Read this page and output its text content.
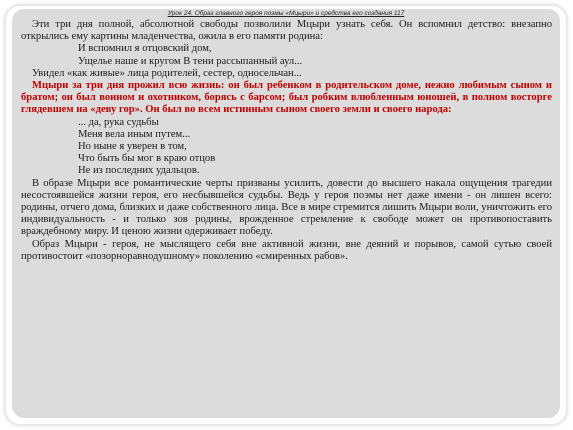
Урок 24. Образ главного героя поэмы «Мцыри» и средства его создания 117

Эти три дня полной, абсолютной свободы позволили Мцыри узнать себя. Он вспомнил детство: внезапно открылись ему картины младенчества, ожила в его памяти родина:

И вспомнил я отцовский дом,

Ущелье наше и кругом В тени рассыпанный аул...

Увидел «как живые» лица родителей, сестер, односельчан...

Мцыри за три дня прожил всю жизнь: он был ребенком в родительском доме, нежно любимым сыном и братом; он был воином и охотником, борясь с барсом; был робким влюбленным юношей, в полном восторге глядевшем на «деву гор». Он был во всем истинным сыном своего земли и своего народа:

... да, рука судьбы

Меня вела иным путем...

Но ныне я уверен в том,

Что быть бы мог в краю отцов

Не из последних удальцов.

В образе Мцыри все романтические черты призваны усилить, довести до высшего накала ощущения трагедии несостоявшейся жизни героя, его несбывшейся судьбы. Ведь у героя поэмы нет даже имени - он лишен всего: родины, отчего дома, близких и даже собственного лица. Все в мире стремится лишить Мцыри воли, уничтожить его индивидуальность - и только зов родины, врожденное стремление к свободе может он противопоставить враждебному миру. И ценою жизни одерживает победу.

Образ Мцыри - героя, не мыслящего себя вне активной жизни, вне деяний и порывов, самой сутью своей противостоит «позорноравнодушному» поколению «смиренных рабов».
